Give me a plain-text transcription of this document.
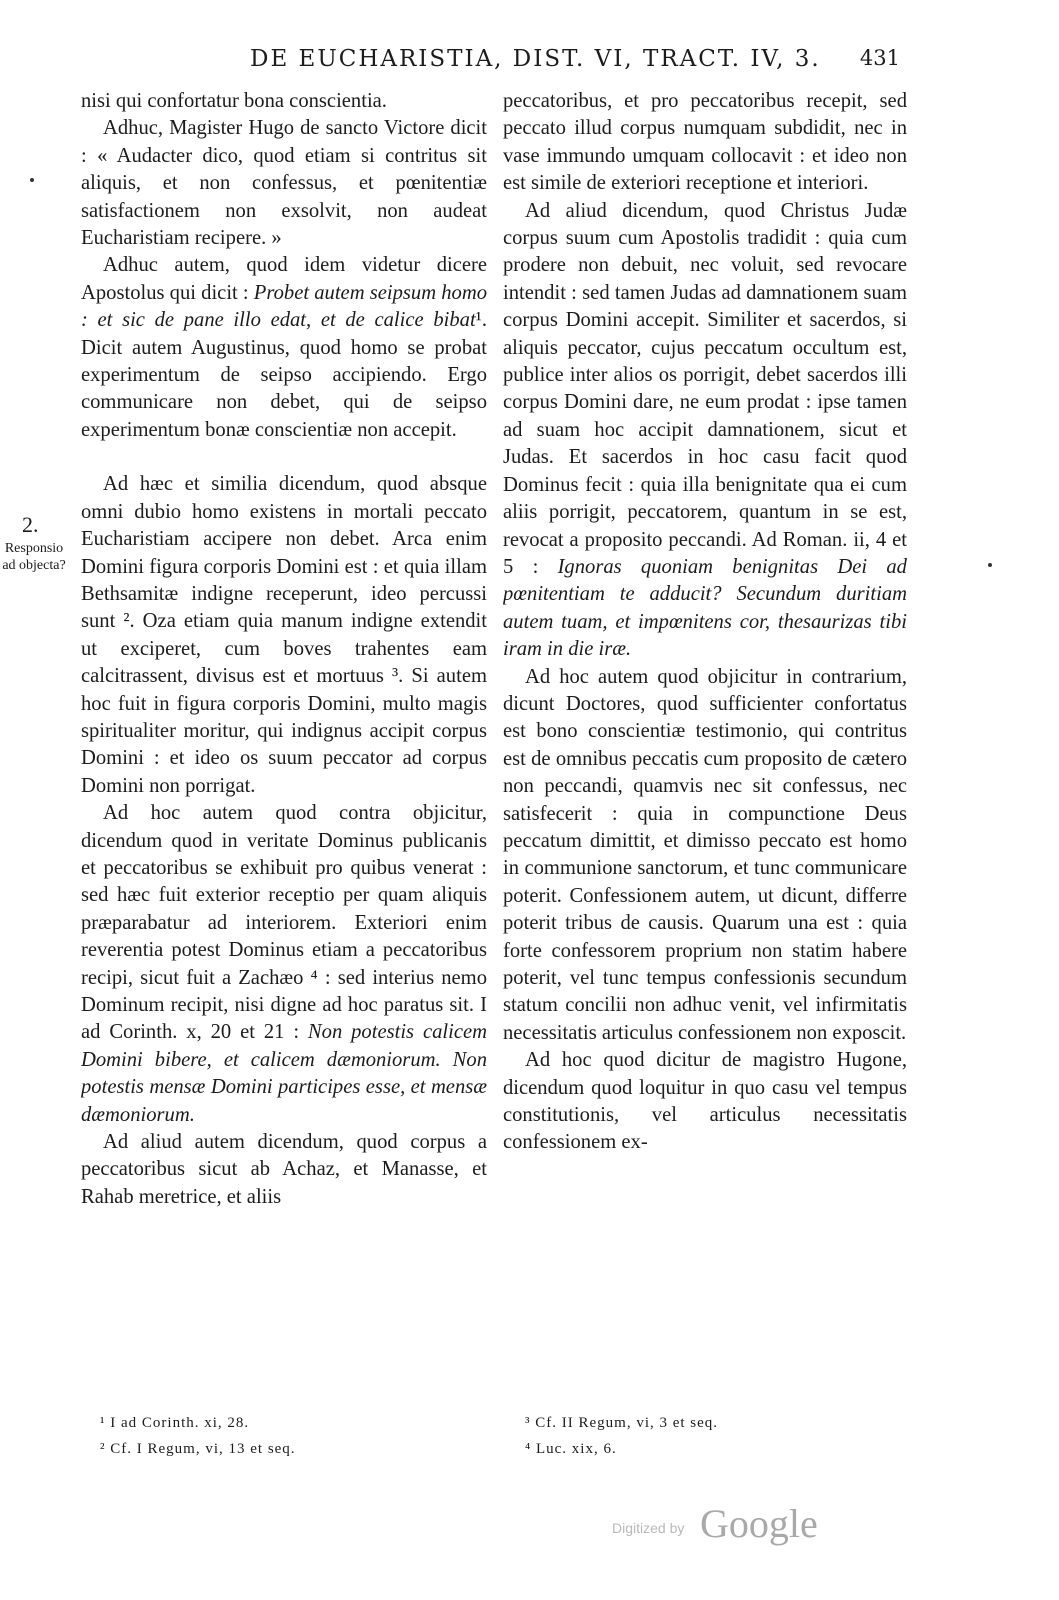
DE EUCHARISTIA, DIST. VI, TRACT. IV, 3. 431
2.
Responsio ad objecta?

nisi qui confortatur bona conscientia.

Adhuc, Magister Hugo de sancto Victore dicit : « Audacter dico, quod etiam si contritus sit aliquis, et non confessus, et pœnitentiæ satisfactionem non exsolvit, non audeat Eucharistiam recipere. »

Adhuc autem, quod idem videtur dicere Apostolus qui dicit : Probet autem seipsum homo : et sic de pane illo edat, et de calice bibat¹. Dicit autem Augustinus, quod homo se probat experimentum de seipso accipiendo. Ergo communicare non debet, qui de seipso experimentum bonæ conscientiæ non accepit.

Ad hæc et similia dicendum, quod absque omni dubio homo existens in mortali peccato Eucharistiam accipere non debet. Arca enim Domini figura corporis Domini est : et quia illam Bethsamitæ indigne receperunt, ideo percussi sunt ². Oza etiam quia manum indigne extendit ut exciperet, cum boves trahentes eam calcitrassent, divisus est et mortuus ³. Si autem hoc fuit in figura corporis Domini, multo magis spiritualiter moritur, qui indignus accipit corpus Domini : et ideo os suum peccator ad corpus Domini non porrigat.

Ad hoc autem quod contra objicitur, dicendum quod in veritate Dominus publicanis et peccatoribus se exhibuit pro quibus venerat : sed hæc fuit exterior receptio per quam aliquis præparabatur ad interiorem. Exteriori enim reverentia potest Dominus etiam a peccatoribus recipi, sicut fuit a Zachæo ⁴ : sed interius nemo Dominum recipit, nisi digne ad hoc paratus sit. I ad Corinth. x, 20 et 21 : Non potestis calicem Domini bibere, et calicem dæmoniorum. Non potestis mensæ Domini participes esse, et mensæ dæmoniorum.

Ad aliud autem dicendum, quod corpus a peccatoribus sicut ab Achaz, et Manasse, et Rahab meretrice, et aliis

peccatoribus, et pro peccatoribus recepit, sed peccato illud corpus numquam subdidit, nec in vase immundo umquam collocavit : et ideo non est simile de exteriori receptione et interiori.

Ad aliud dicendum, quod Christus Judæ corpus suum cum Apostolis tradidit : quia cum prodere non debuit, nec voluit, sed revocare intendit : sed tamen Judas ad damnationem suam corpus Domini accepit. Similiter et sacerdos, si aliquis peccator, cujus peccatum occultum est, publice inter alios os porrigit, debet sacerdos illi corpus Domini dare, ne eum prodat : ipse tamen ad suam hoc accipit damnationem, sicut et Judas. Et sacerdos in hoc casu facit quod Dominus fecit : quia illa benignitate qua ei cum aliis porrigit, peccatorem, quantum in se est, revocat a proposito peccandi. Ad Roman. ii, 4 et 5 : Ignoras quoniam benignitas Dei ad pœnitentiam te adducit? Secundum duritiam autem tuam, et impœnitens cor, thesaurizas tibi iram in die iræ.

Ad hoc autem quod objicitur in contrarium, dicunt Doctores, quod sufficienter confortatus est bono conscientiæ testimonio, qui contritus est de omnibus peccatis cum proposito de cætero non peccandi, quamvis nec sit confessus, nec satisfecerit : quia in compunctione Deus peccatum dimittit, et dimisso peccato est homo in communione sanctorum, et tunc communicare poterit. Confessionem autem, ut dicunt, differre poterit tribus de causis. Quarum una est : quia forte confessorem proprium non statim habere poterit, vel tunc tempus confessionis secundum statum concilii non adhuc venit, vel infirmitatis necessitatis articulus confessionem non exposcit.

Ad hoc quod dicitur de magistro Hugone, dicendum quod loquitur in quo casu vel tempus constitutionis, vel articulus necessitatis confessionem ex-

¹ I ad Corinth. xi, 28.
² Cf. I Regum, vi, 13 et seq.
³ Cf. II Regum, vi, 3 et seq.
⁴ Luc. xix, 6.
Digitized by Google
